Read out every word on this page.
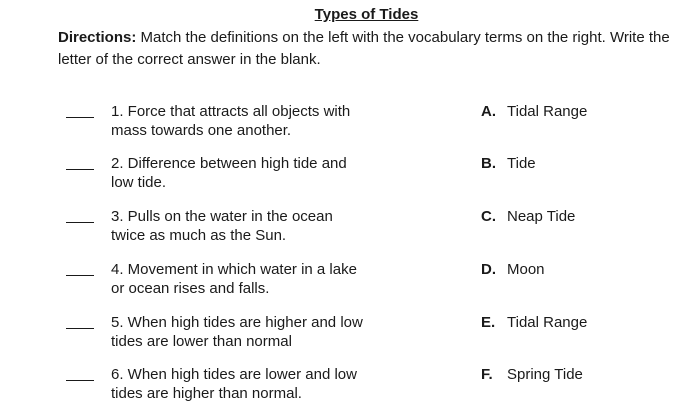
Types of Tides
Directions: Match the definitions on the left with the vocabulary terms on the right. Write the letter of the correct answer in the blank.
1. Force that attracts all objects with mass towards one another.
A. Tidal Range
2. Difference between high tide and low tide.
B. Tide
3. Pulls on the water in the ocean twice as much as the Sun.
C. Neap Tide
4. Movement in which water in a lake or ocean rises and falls.
D. Moon
5. When high tides are higher and low tides are lower than normal
E. Tidal Range
6. When high tides are lower and low tides are higher than normal.
F. Spring Tide
